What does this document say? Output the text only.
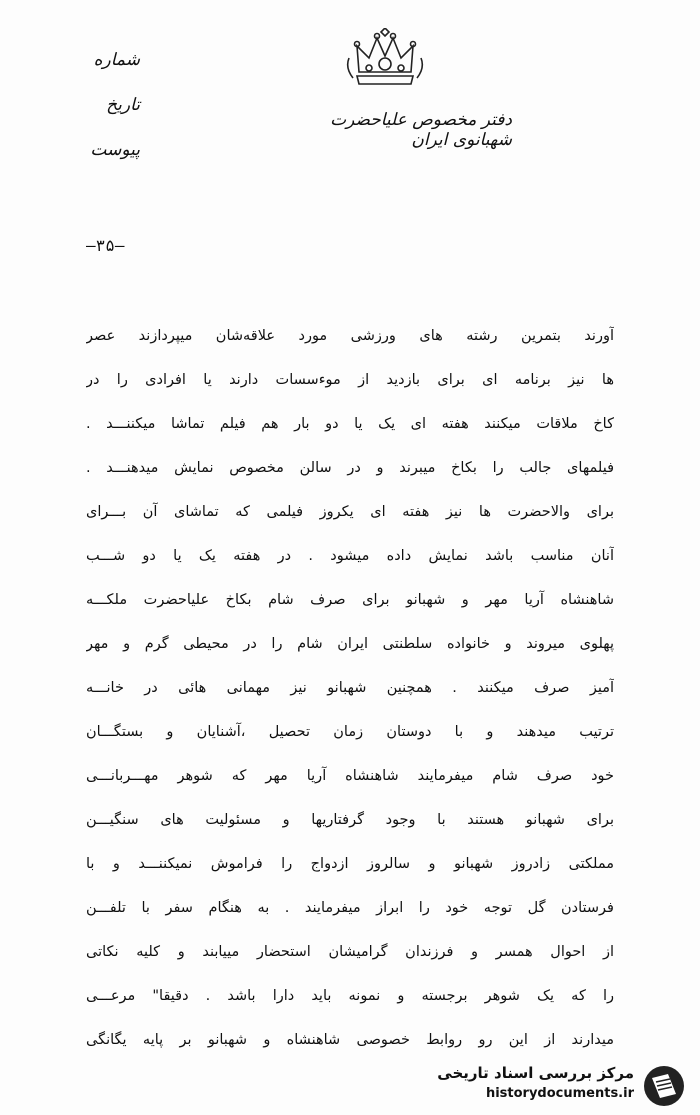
دفتر مخصوص علیاحضرت شهبانوی ایران
شماره
تاریخ
پیوست
—۳۵—
آورند بتمرین رشته های ورزشی مورد علاقه‌شان میپردازند عصر
ها نیز برنامه ای برای بازدید از موءسسات دارند یا افرادی را در
کاخ ملاقات میکنند هفته ای یک یا دو بار هم فیلم تماشا میکننـــد .
فیلمهای جالب را بکاخ میبرند و در سالن مخصوص نمایش میدهنـــد .
برای والاحضرت ها نیز هفته ای یکروز فیلمی که تماشای آن بـــرای
آنان مناسب باشد نمایش داده میشود . در هفته یک یا دو شـــب
شاهنشاه آریا مهر و شهبانو برای صرف شام بکاخ علیاحضرت ملکـــه
پهلوی میروند و خانواده سلطنتی ایران شام را در محیطی گرم و مهر
آمیز صرف میکنند . همچنین شهبانو نیز مهمانی هائی در خانـــه
ترتیب میدهند و با دوستان زمان تحصیل ،آشنایان و بستگـــان
خود صرف شام میفرمایند شاهنشاه آریا مهر که شوهر مهـــربانـــی
برای شهبانو هستند با وجود گرفتاریها و مسئولیت های سنگیـــن
مملکتی زادروز شهبانو و سالروز ازدواج را فراموش نمیکننـــد و با
فرستادن گل توجه خود را ابراز میفرمایند . به هنگام سفر با تلفـــن
از احوال همسر و فرزندان گرامیشان استحضار مییابند و کلیه نکاتی
را که یک شوهر برجسته و نمونه باید دارا باشد . دقیقا" مرعـــی
میدارند از این رو روابط خصوصی شاهنشاه و شهبانو بر پایه یگانگی
مرکز بررسی اسناد تاریخی
historydocuments.ir
